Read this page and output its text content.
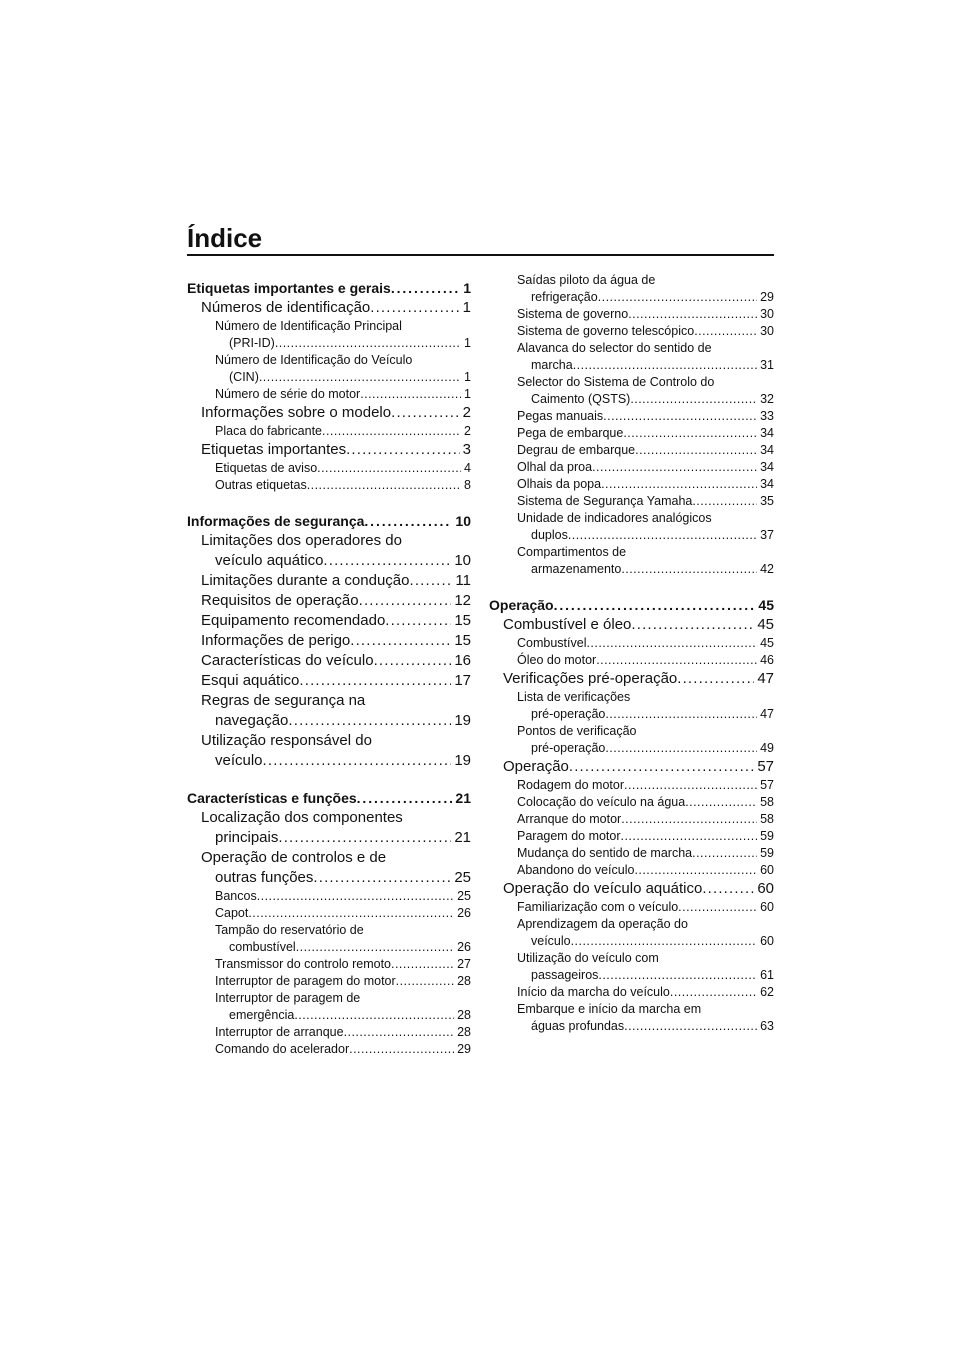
Índice
Etiquetas importantes e gerais . . .	1
Números de identificação . . .	1
Número de Identificação Principal
(PRI-ID) . . .	1
Número de Identificação do Veículo
(CIN) . . .	1
Número de série do motor . . .	1
Informações sobre o modelo . . .	2
Placa do fabricante . . .	2
Etiquetas importantes . . .	3
Etiquetas de aviso . . .	4
Outras etiquetas . . .	8
Informações de segurança . . .	10
Limitações dos operadores do
veículo aquático . . .	10
Limitações durante a condução . . .	11
Requisitos de operação . . .	12
Equipamento recomendado . . .	15
Informações de perigo . . .	15
Características do veículo . . .	16
Esqui aquático . . .	17
Regras de segurança na
navegação . . .	19
Utilização responsável do
veículo . . .	19
Características e funções . . .	21
Localização dos componentes
principais . . .	21
Operação de controlos e de
outras funções . . .	25
Bancos . . .	25
Capot . . .	26
Tampão do reservatório de
combustível . . .	26
Transmissor do controlo remoto . . .	27
Interruptor de paragem do motor . . .	28
Interruptor de paragem de
emergência . . .	28
Interruptor de arranque . . .	28
Comando do acelerador . . .	29
Saídas piloto da água de
refrigeração . . .	29
Sistema de governo . . .	30
Sistema de governo telescópico . . .	30
Alavanca do selector do sentido de
marcha . . .	31
Selector do Sistema de Controlo do
Caimento (QSTS) . . .	32
Pegas manuais . . .	33
Pega de embarque . . .	34
Degrau de embarque . . .	34
Olhal da proa . . .	34
Olhais da popa . . .	34
Sistema de Segurança Yamaha . . .	35
Unidade de indicadores analógicos
duplos . . .	37
Compartimentos de
armazenamento . . .	42
Operação . . .	45
Combustível e óleo . . .	45
Combustível . . .	45
Óleo do motor . . .	46
Verificações pré-operação . . .	47
Lista de verificações
pré-operação . . .	47
Pontos de verificação
pré-operação . . .	49
Operação . . .	57
Rodagem do motor . . .	57
Colocação do veículo na água . . .	58
Arranque do motor . . .	58
Paragem do motor . . .	59
Mudança do sentido de marcha . . .	59
Abandono do veículo . . .	60
Operação do veículo aquático . . .	60
Familiarização com o veículo . . .	60
Aprendizagem da operação do
veículo . . .	60
Utilização do veículo com
passageiros . . .	61
Início da marcha do veículo . . .	62
Embarque e início da marcha em
águas profundas . . .	63
